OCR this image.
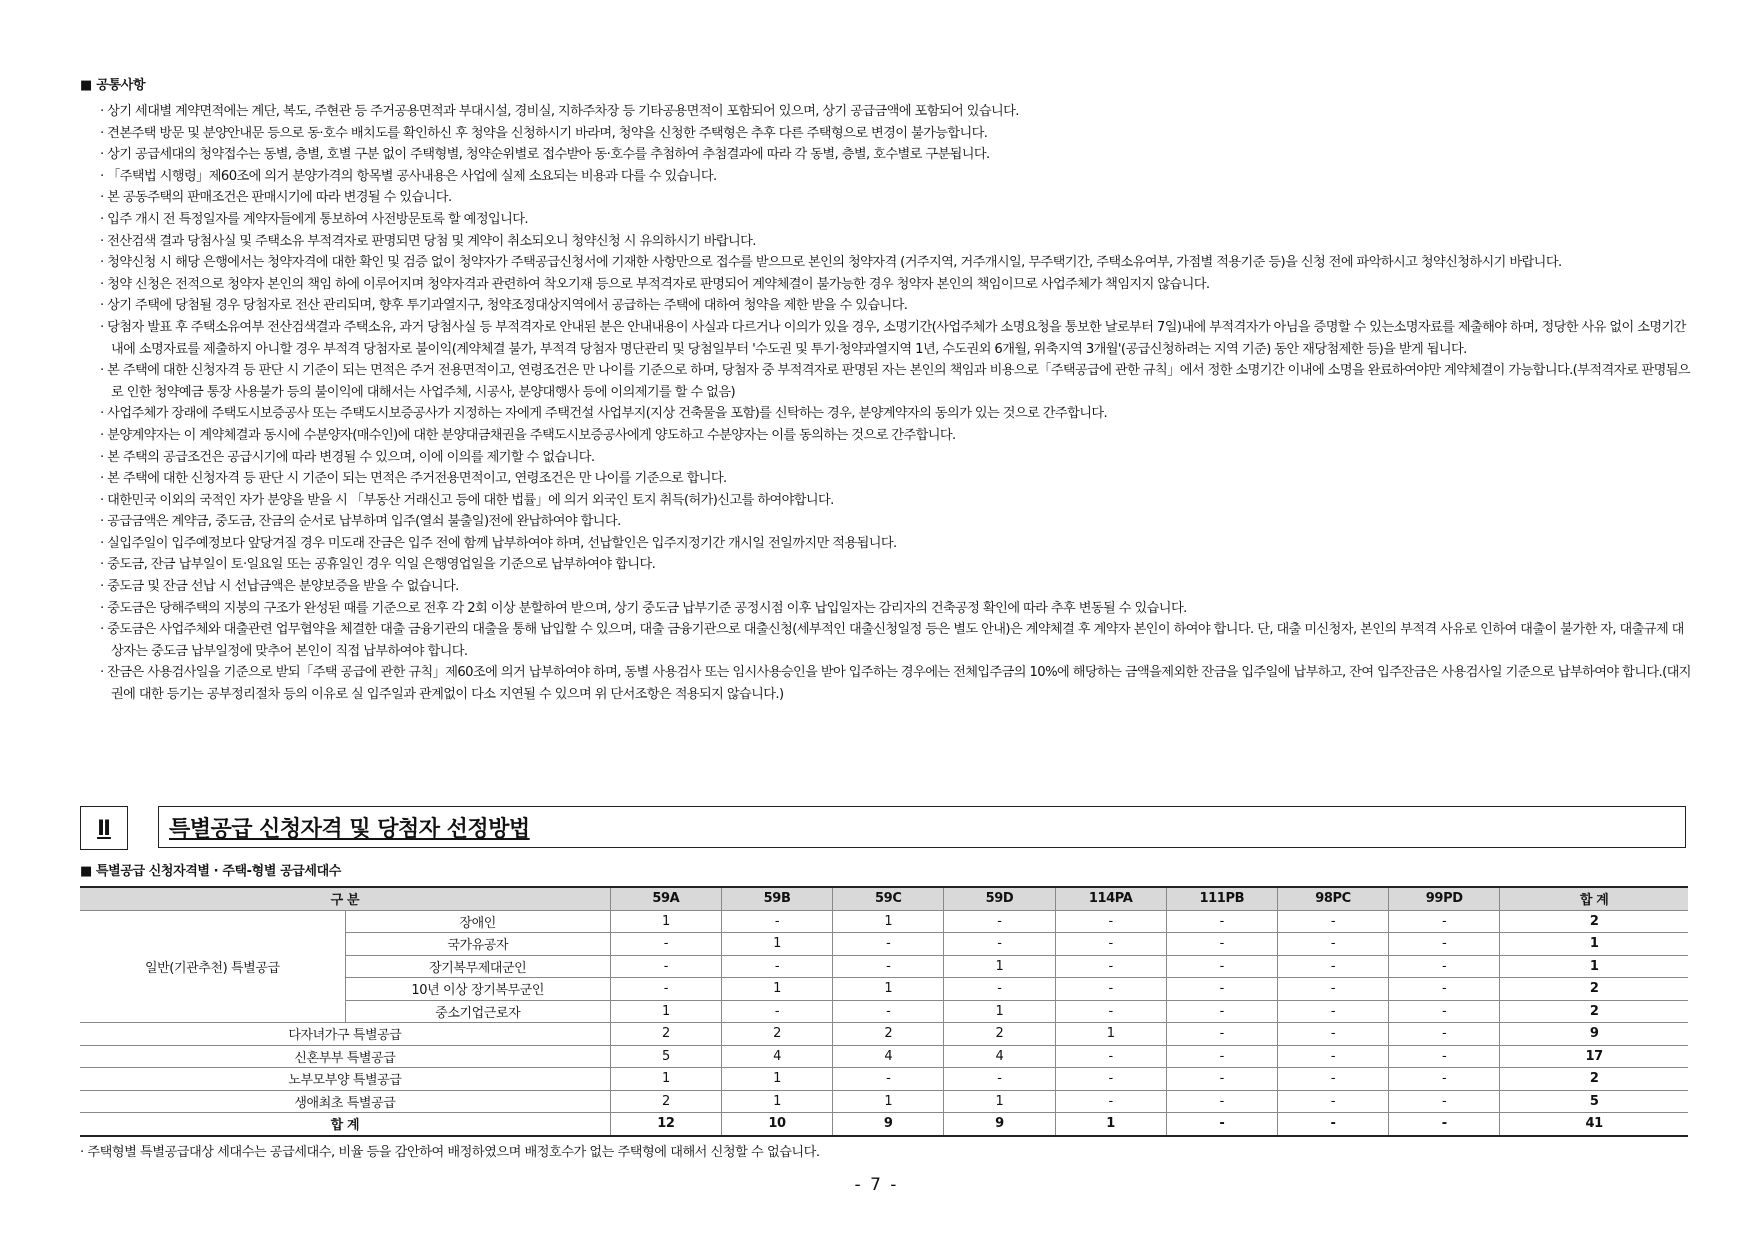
■ 공통사항
· 상기 세대별 계약면적에는 계단, 복도, 주현관 등 주거공용면적과 부대시설, 경비실, 지하주차장 등 기타공용면적이 포함되어 있으며, 상기 공급금액에 포함되어 있습니다.
· 견본주택 방문 및 분양안내문 등으로 동·호수 배치도를 확인하신 후 청약을 신청하시기 바라며, 청약을 신청한 주택형은 추후 다른 주택형으로 변경이 불가능합니다.
· 상기 공급세대의 청약접수는 동별, 층별, 호별 구분 없이 주택형별, 청약순위별로 접수받아 동·호수를 추첨하여 추첨결과에 따라 각 동별, 층별, 호수별로 구분됩니다.
· 「주택법 시행령」제60조에 의거 분양가격의 항목별 공사내용은 사업에 실제 소요되는 비용과 다를 수 있습니다.
· 본 공동주택의 판매조건은 판매시기에 따라 변경될 수 있습니다.
· 입주 개시 전 특정일자를 계약자들에게 통보하여 사전방문토록 할 예정입니다.
· 전산검색 결과 당첨사실 및 주택소유 부적격자로 판명되면 당첨 및 계약이 취소되오니 청약신청 시 유의하시기 바랍니다.
· 청약신청 시 해당 은행에서는 청약자격에 대한 확인 및 검증 없이 청약자가 주택공급신청서에 기재한 사항만으로 접수를 받으므로 본인의 청약자격 (거주지역, 거주개시일, 무주택기간, 주택소유여부, 가점별 적용기준 등)을 신청 전에 파악하시고 청약신청하시기 바랍니다.
· 청약 신청은 전적으로 청약자 본인의 책임 하에 이루어지며 청약자격과 관련하여 착오기재 등으로 부적격자로 판명되어 계약체결이 불가능한 경우 청약자 본인의 책임이므로 사업주체가 책임지지 않습니다.
· 상기 주택에 당첨될 경우 당첨자로 전산 관리되며, 향후 투기과열지구, 청약조정대상지역에서 공급하는 주택에 대하여 청약을 제한 받을 수 있습니다.
· 당첨자 발표 후 주택소유여부 전산검색결과 주택소유, 과거 당첨사실 등 부적격자로 안내된 분은 안내내용이 사실과 다르거나 이의가 있을 경우, 소명기간(사업주체가 소명요청을 통보한 날로부터 7일)내에 부적격자가 아님을 증명할 수 있는소명자료를 제출해야 하며, 정당한 사유 없이 소명기간 내에 소명자료를 제출하지 아니할 경우 부적격 당첨자로 불이익(계약체결 불가, 부적격 당첨자 명단관리 및 당첨일부터 '수도권 및 투기·청약과열지역 1년, 수도권외 6개월, 위축지역 3개월'(공급신청하려는 지역 기준) 동안 재당첨제한 등)을 받게 됩니다.
· 본 주택에 대한 신청자격 등 판단 시 기준이 되는 면적은 주거 전용면적이고, 연령조건은 만 나이를 기준으로 하며, 당첨자 중 부적격자로 판명된 자는 본인의 책임과 비용으로「주택공급에 관한 규칙」에서 정한 소명기간 이내에 소명을 완료하여야만 계약체결이 가능합니다.(부적격자로 판명됨으로 인한 청약예금 통장 사용불가 등의 불이익에 대해서는 사업주체, 시공사, 분양대행사 등에 이의제기를 할 수 없음)
· 사업주체가 장래에 주택도시보증공사 또는 주택도시보증공사가 지정하는 자에게 주택건설 사업부지(지상 건축물을 포함)를 신탁하는 경우, 분양계약자의 동의가 있는 것으로 간주합니다.
· 분양계약자는 이 계약체결과 동시에 수분양자(매수인)에 대한 분양대금채권을 주택도시보증공사에게 양도하고 수분양자는 이를 동의하는 것으로 간주합니다.
· 본 주택의 공급조건은 공급시기에 따라 변경될 수 있으며, 이에 이의를 제기할 수 없습니다.
· 본 주택에 대한 신청자격 등 판단 시 기준이 되는 면적은 주거전용면적이고, 연령조건은 만 나이를 기준으로 합니다.
· 대한민국 이외의 국적인 자가 분양을 받을 시 「부동산 거래신고 등에 대한 법률」에 의거 외국인 토지 취득(허가)신고를 하여야합니다.
· 공급금액은 계약금, 중도금, 잔금의 순서로 납부하며 입주(열쇠 불출일)전에 완납하여야 합니다.
· 실입주일이 입주예정보다 앞당겨질 경우 미도래 잔금은 입주 전에 함께 납부하여야 하며, 선납할인은 입주지정기간 개시일 전일까지만 적용됩니다.
· 중도금, 잔금 납부일이 토·일요일 또는 공휴일인 경우 익일 은행영업일을 기준으로 납부하여야 합니다.
· 중도금 및 잔금 선납 시 선납금액은 분양보증을 받을 수 없습니다.
· 중도금은 당해주택의 지붕의 구조가 완성된 때를 기준으로 전후 각 2회 이상 분할하여 받으며, 상기 중도금 납부기준 공정시점 이후 납입일자는 감리자의 건축공정 확인에 따라 추후 변동될 수 있습니다.
· 중도금은 사업주체와 대출관련 업무협약을 체결한 대출 금융기관의 대출을 통해 납입할 수 있으며, 대출 금융기관으로 대출신청(세부적인 대출신청일정 등은 별도 안내)은 계약체결 후 계약자 본인이 하여야 합니다. 단, 대출 미신청자, 본인의 부적격 사유로 인하여 대출이 불가한 자, 대출규제 대상자는 중도금 납부일정에 맞추어 본인이 직접 납부하여야 합니다.
· 잔금은 사용검사일을 기준으로 받되「주택 공급에 관한 규칙」제60조에 의거 납부하여야 하며, 동별 사용검사 또는 임시사용승인을 받아 입주하는 경우에는 전체입주금의 10%에 해당하는 금액을제외한 잔금을 입주일에 납부하고, 잔여 입주잔금은 사용검사일 기준으로 납부하여야 합니다.(대지권에 대한 등기는 공부정리절차 등의 이유로 실 입주일과 관계없이 다소 지연될 수 있으며 위 단서조항은 적용되지 않습니다.)
Ⅱ	특별공급 신청자격 및 당첨자 선정방법
■ 특별공급 신청자격별 · 주택-형별 공급세대수
구 분		59A	59B	59C	59D	114PA	111PB	98PC	99PD	합 계
일반(기관추천) 특별공급	장애인	1	-	1	-	-	-	-	-	2
	국가유공자	-	1	-	-	-	-	-	-	1
	장기복무제대군인	-	-	-	1	-	-	-	-	1
	10년 이상 장기복무군인	-	1	1	-	-	-	-	-	2
	중소기업근로자	1	-	-	1	-	-	-	-	2
다자녀가구 특별공급		2	2	2	2	1	-	-	-	9
신혼부부 특별공급		5	4	4	4	-	-	-	-	17
노부모부양 특별공급		1	1	-	-	-	-	-	-	2
생애최초 특별공급		2	1	1	1	-	-	-	-	5
합 계		12	10	9	9	1	-	-	-	41
· 주택형별 특별공급대상 세대수는 공급세대수, 비율 등을 감안하여 배정하였으며 배정호수가 없는 주택형에 대해서 신청할 수 없습니다.
- 7 -
